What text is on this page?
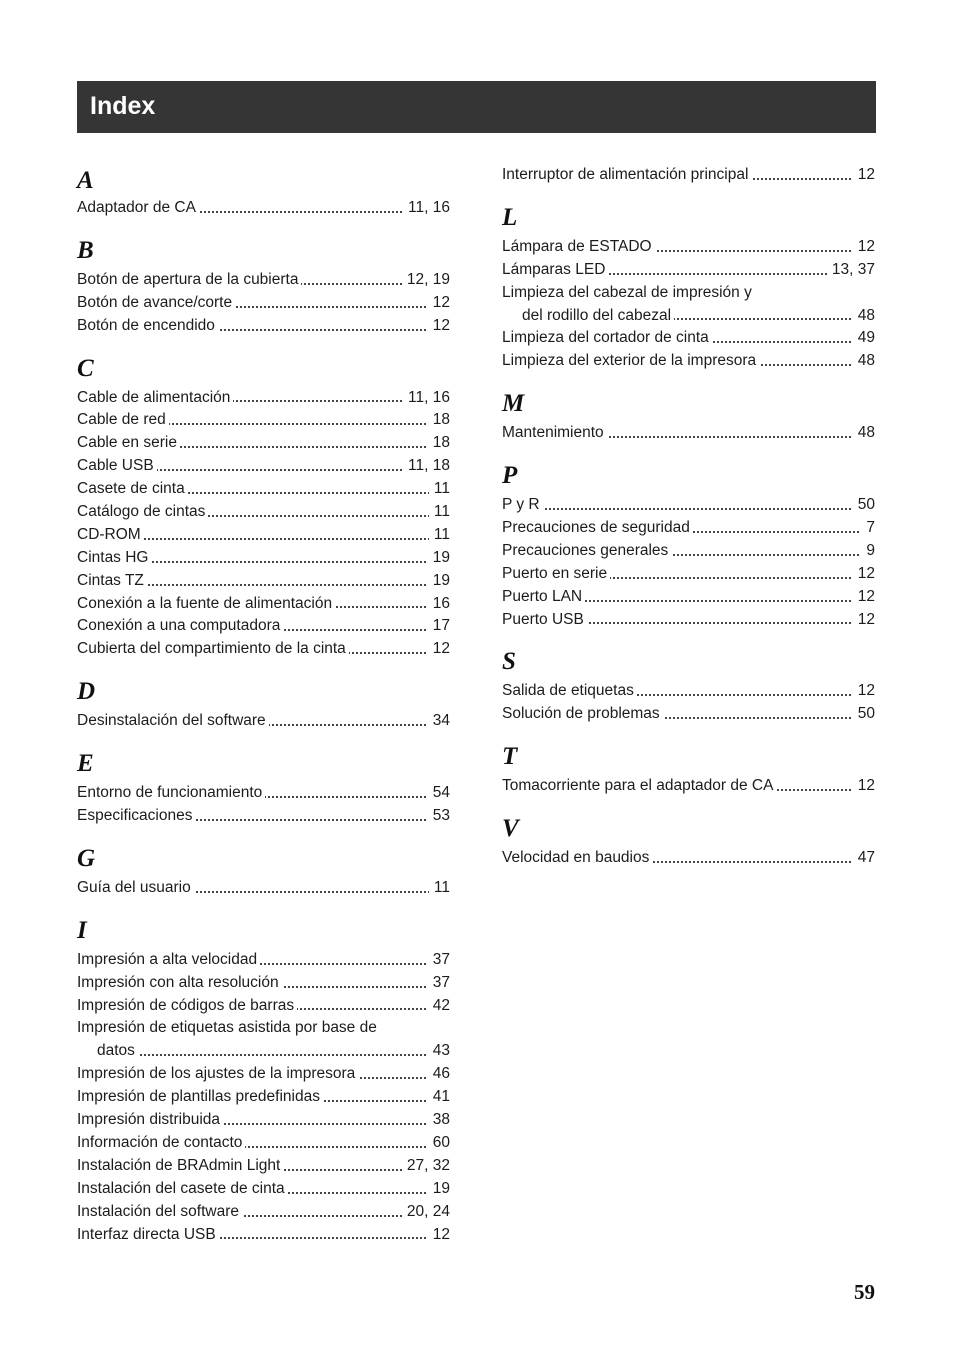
Index
A
Adaptador de CA	11, 16
B
Botón de apertura de la cubierta	12, 19
Botón de avance/corte	12
Botón de encendido	12
C
Cable de alimentación	11, 16
Cable de red	18
Cable en serie	18
Cable USB	11, 18
Casete de cinta	11
Catálogo de cintas	11
CD-ROM	11
Cintas HG	19
Cintas TZ	19
Conexión a la fuente de alimentación	16
Conexión a una computadora	17
Cubierta del compartimiento de la cinta	12
D
Desinstalación del software	34
E
Entorno de funcionamiento	54
Especificaciones	53
G
Guía del usuario	11
I
Impresión a alta velocidad	37
Impresión con alta resolución	37
Impresión de códigos de barras	42
Impresión de etiquetas asistida por base de
datos	43
Impresión de los ajustes de la impresora	46
Impresión de plantillas predefinidas	41
Impresión distribuida	38
Información de contacto	60
Instalación de BRAdmin Light	27, 32
Instalación del casete de cinta	19
Instalación del software	20, 24
Interfaz directa USB	12
Interruptor de alimentación principal	12
L
Lámpara de ESTADO	12
Lámparas LED	13, 37
Limpieza del cabezal de impresión y
del rodillo del cabezal	48
Limpieza del cortador de cinta	49
Limpieza del exterior de la impresora	48
M
Mantenimiento	48
P
P y R	50
Precauciones de seguridad	7
Precauciones generales	9
Puerto en serie	12
Puerto LAN	12
Puerto USB	12
S
Salida de etiquetas	12
Solución de problemas	50
T
Tomacorriente para el adaptador de CA	12
V
Velocidad en baudios	47
59
